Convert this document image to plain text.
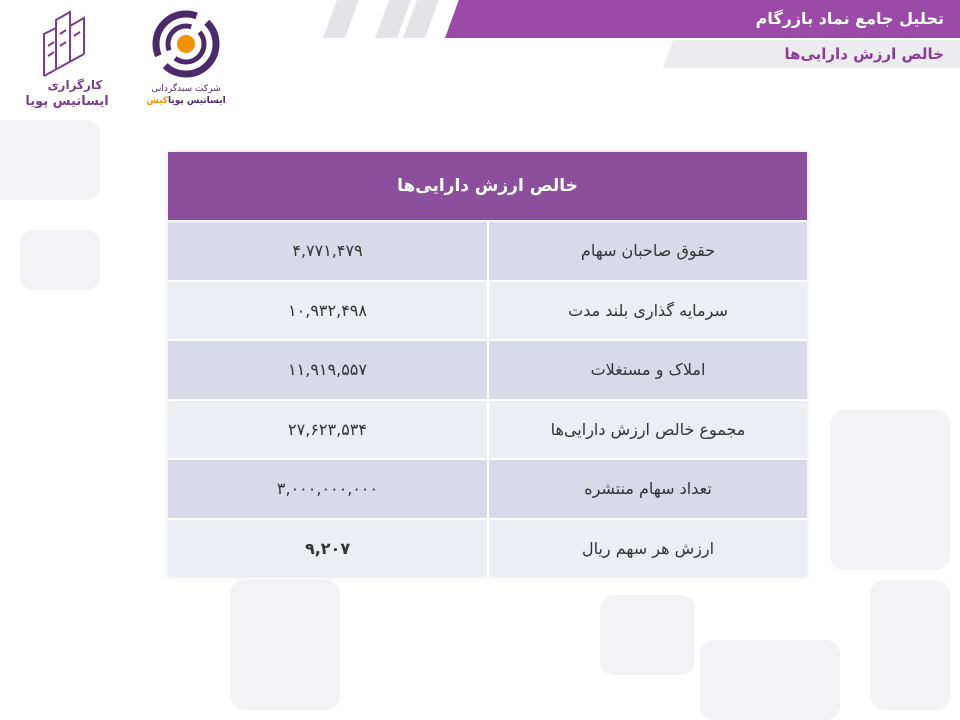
تحلیل جامع نماد بازرگام
خالص ارزش دارایی‌ها
کارگزاری
ایساتیس پویا
شرکت سبدگردانی
ایساتیس پویاکیش
خالص ارزش دارایی‌ها
۴,۷۷۱,۴۷۹	حقوق صاحبان سهام
۱۰,۹۳۲,۴۹۸	سرمایه گذاری بلند مدت
۱۱,۹۱۹,۵۵۷	املاک و مستغلات
۲۷,۶۲۳,۵۳۴	مجموع خالص ارزش دارایی‌ها
۳,۰۰۰,۰۰۰,۰۰۰	تعداد سهام منتشره
۹,۲۰۷	ارزش هر سهم ریال
